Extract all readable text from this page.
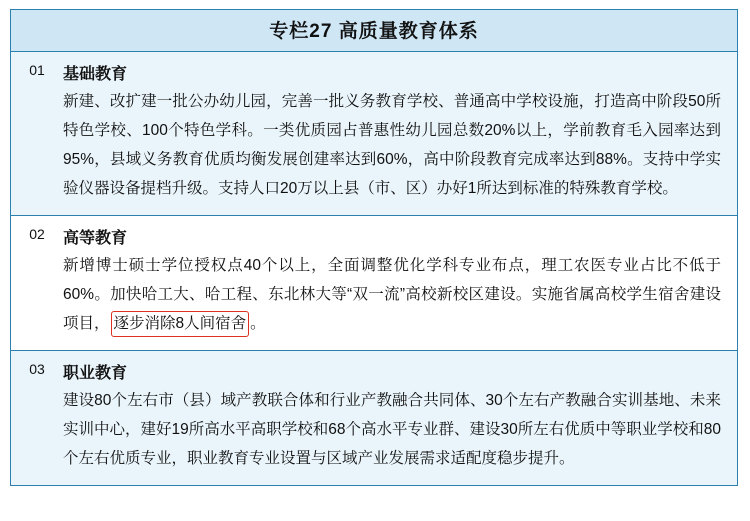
专栏27 高质量教育体系
01	基础教育
新建、改扩建一批公办幼儿园，完善一批义务教育学校、普通高中学校设施，打造高中阶段50所特色学校、100个特色学科。一类优质园占普惠性幼儿园总数20%以上，学前教育毛入园率达到95%，县域义务教育优质均衡发展创建率达到60%，高中阶段教育完成率达到88%。支持中学实验仪器设备提档升级。支持人口20万以上县（市、区）办好1所达到标准的特殊教育学校。
02	高等教育
新增博士硕士学位授权点40个以上，全面调整优化学科专业布点，理工农医专业占比不低于60%。加快哈工大、哈工程、东北林大等“双一流”高校新校区建设。实施省属高校学生宿舍建设项目， 逐步消除8人间宿舍 。
03	职业教育
建设80个左右市（县）域产教联合体和行业产教融合共同体、30个左右产教融合实训基地、未来实训中心，建好19所高水平高职学校和68个高水平专业群、建设30所左右优质中等职业学校和80个左右优质专业，职业教育专业设置与区域产业发展需求适配度稳步提升。
